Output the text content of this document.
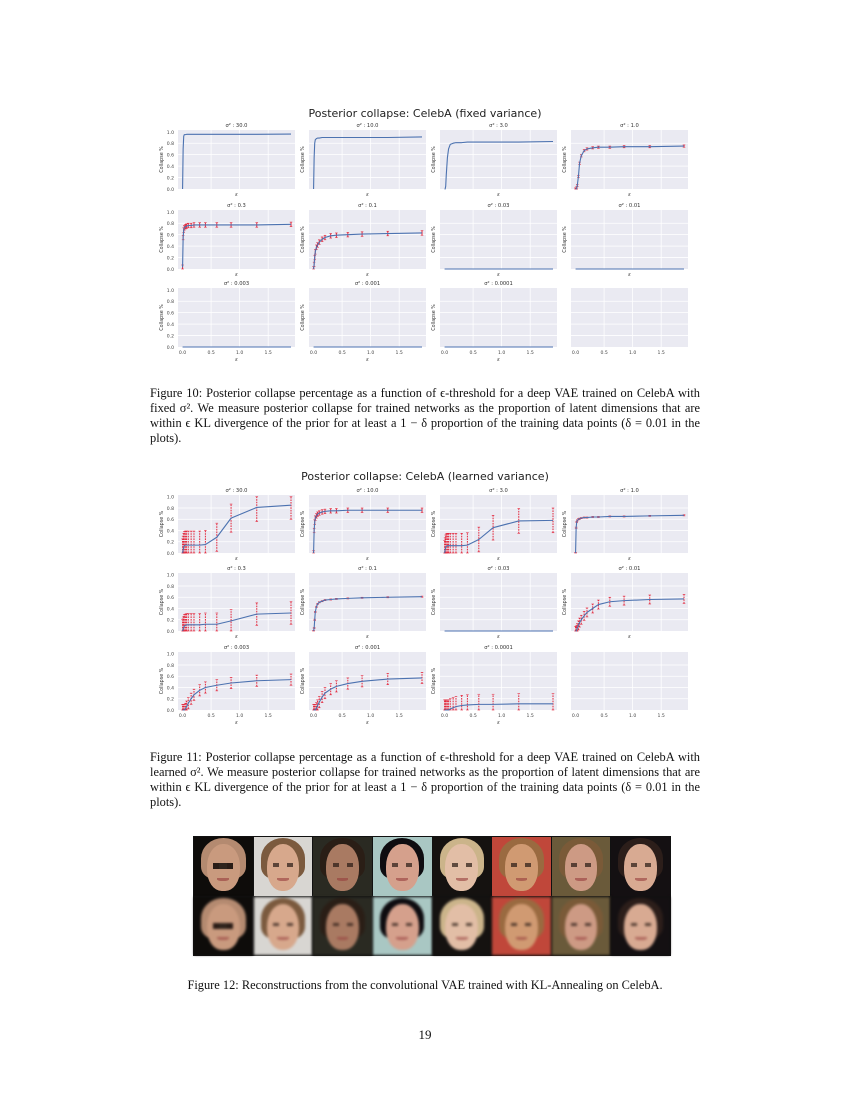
Posterior collapse: CelebA (fixed variance)
σ² : 30.0
0.0
0.2
0.4
0.6
0.8
1.0
Collapse %
ε
σ² : 10.0
Collapse %
ε
σ² : 3.0
Collapse %
ε
σ² : 1.0
Collapse %
ε
σ² : 0.3
0.0
0.2
0.4
0.6
0.8
1.0
Collapse %
ε
σ² : 0.1
Collapse %
ε
σ² : 0.03
Collapse %
ε
σ² : 0.01
Collapse %
ε
σ² : 0.003
0.0
0.2
0.4
0.6
0.8
1.0
Collapse %
ε
0.0	0.5	1.0	1.5
σ² : 0.001
Collapse %
ε
0.0	0.5	1.0	1.5
σ² : 0.0001
Collapse %
ε
0.0	0.5	1.0	1.5	0.0	0.5	1.0	1.5
Figure 10: Posterior collapse percentage as a function of ϵ-threshold for a deep VAE trained on CelebA with fixed σ². We measure posterior collapse for trained networks as the proportion of latent dimensions that are within ϵ KL divergence of the prior for at least a 1 − δ proportion of the training data points (δ = 0.01 in the plots).
Posterior collapse: CelebA (learned variance)
σ² : 30.0
0.0
0.2
0.4
0.6
0.8
1.0
Collapse %
ε
σ² : 10.0
Collapse %
ε
σ² : 3.0
Collapse %
ε
σ² : 1.0
Collapse %
ε
σ² : 0.3
0.0
0.2
0.4
0.6
0.8
1.0
Collapse %
ε
σ² : 0.1
Collapse %
ε
σ² : 0.03
Collapse %
ε
σ² : 0.01
Collapse %
ε
σ² : 0.003
0.0
0.2
0.4
0.6
0.8
1.0
Collapse %
ε
0.0	0.5	1.0	1.5
σ² : 0.001
Collapse %
ε
0.0	0.5	1.0	1.5
σ² : 0.0001
Collapse %
ε
0.0	0.5	1.0	1.5	0.0	0.5	1.0	1.5
Figure 11: Posterior collapse percentage as a function of ϵ-threshold for a deep VAE trained on CelebA with learned σ². We measure posterior collapse for trained networks as the proportion of latent dimensions that are within ϵ KL divergence of the prior for at least a 1 − δ proportion of the training data points (δ = 0.01 in the plots).
Figure 12: Reconstructions from the convolutional VAE trained with KL-Annealing on CelebA.
19
